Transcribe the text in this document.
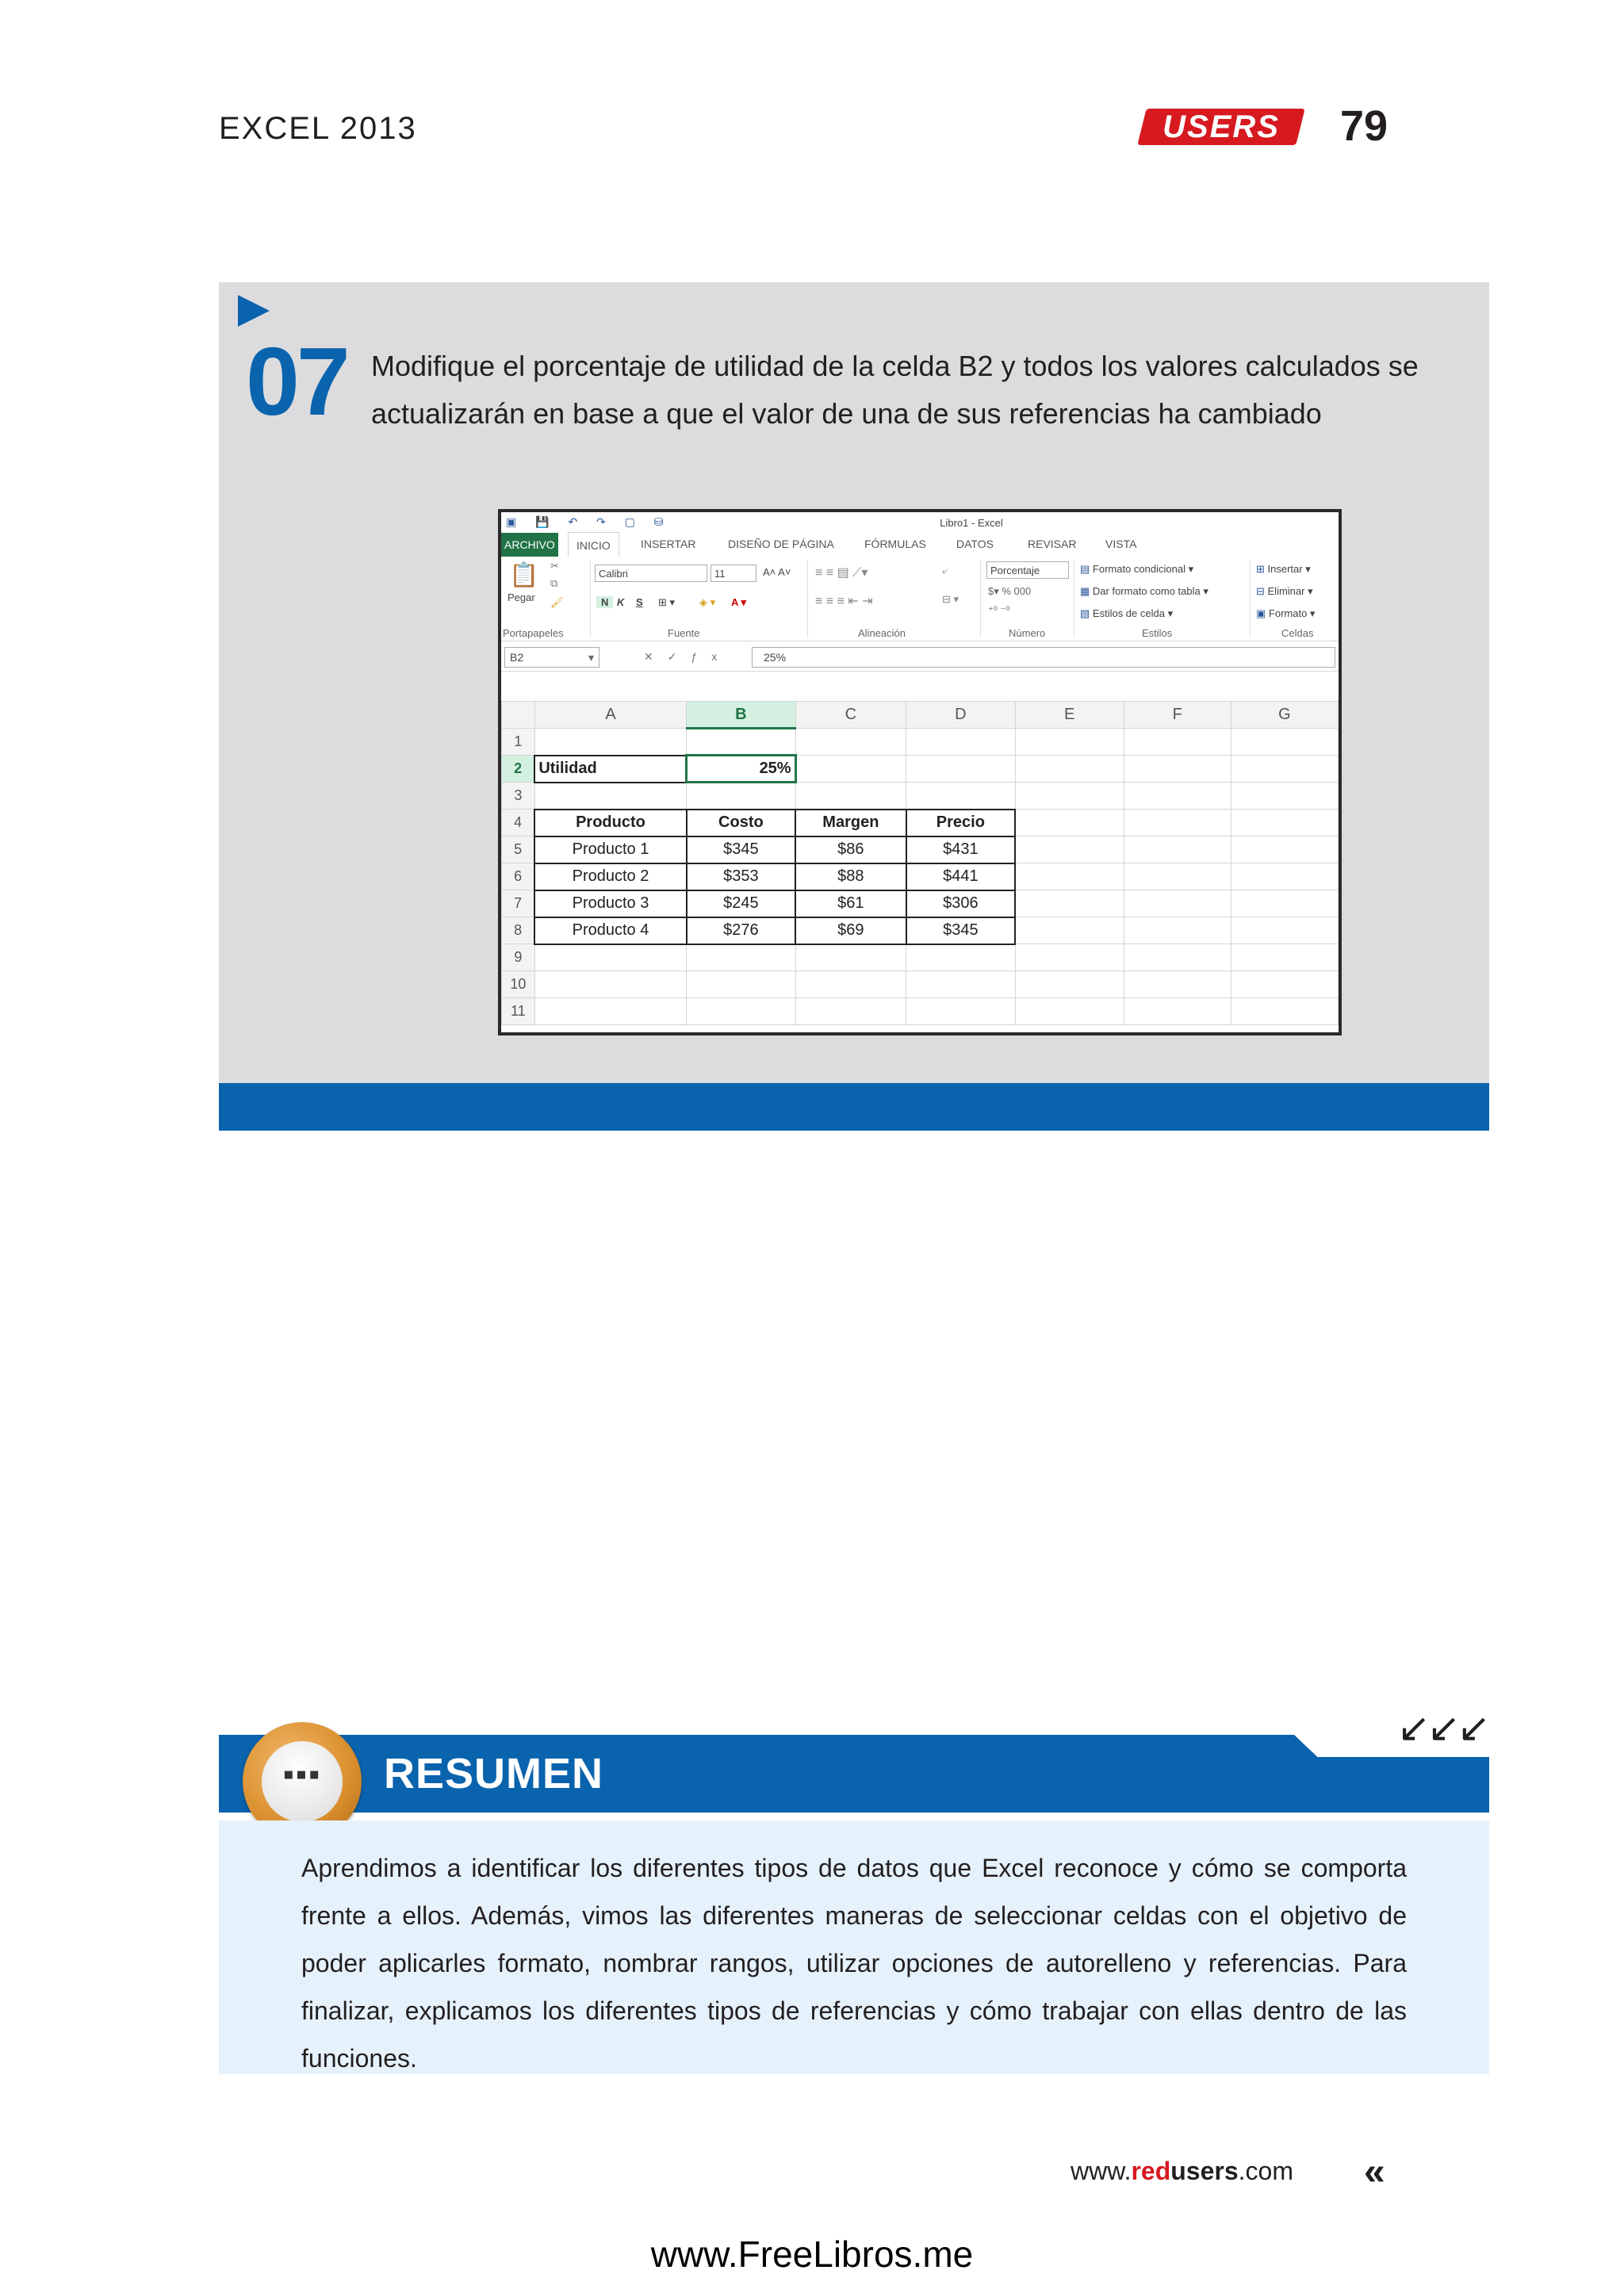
EXCEL 2013	USERS	79
07 Modifique el porcentaje de utilidad de la celda B2 y todos los valores calculados se actualizarán en base a que el valor de una de sus referencias ha cambiado
▣ 💾 ↶ ↷ ▢ ⛁	Libro1 - Excel
ARCHIVO	INICIO	INSERTAR	DISEÑO DE PÁGINA	FÓRMULAS	DATOS	REVISAR	VISTA
📋
Pegar
✂
⧉
🖌
Portapapeles
Calibri	11	A˄ A˅
N K S ⊞ ▾ ◈ ▾ A ▾
Fuente
≡ ≡ ▤ ⟋▾
≡ ≡ ≡ ⇤ ⇥
⤶
⊟ ▾
Alineación
Porcentaje
$▾ % 000
⁺⁰ ⁻⁰
Número
▤ Formato condicional ▾
▦ Dar formato como tabla ▾
▧ Estilos de celda ▾
Estilos
⊞ Insertar ▾
⊟ Eliminar ▾
▣ Formato ▾
Celdas
B2	▾	✕✓ƒx	25%
	A	B	C	D	E	F	G
1							
2	Utilidad	25%					
3							
4	Producto	Costo	Margen	Precio			
5	Producto 1	$345	$86	$431			
6	Producto 2	$353	$88	$441			
7	Producto 3	$245	$61	$306			
8	Producto 4	$276	$69	$345			
9							
10							
11							
▪▪▪	RESUMEN
↙↙↙
Aprendimos a identificar los diferentes tipos de datos que Excel reconoce y cómo se comporta frente a ellos. Además, vimos las diferentes maneras de seleccionar celdas con el objetivo de poder aplicarles formato, nombrar rangos, utilizar opciones de autorelleno y referencias. Para finalizar, explicamos los diferentes tipos de referencias y cómo trabajar con ellas dentro de las funciones.
www.redusers.com «
www.FreeLibros.me
